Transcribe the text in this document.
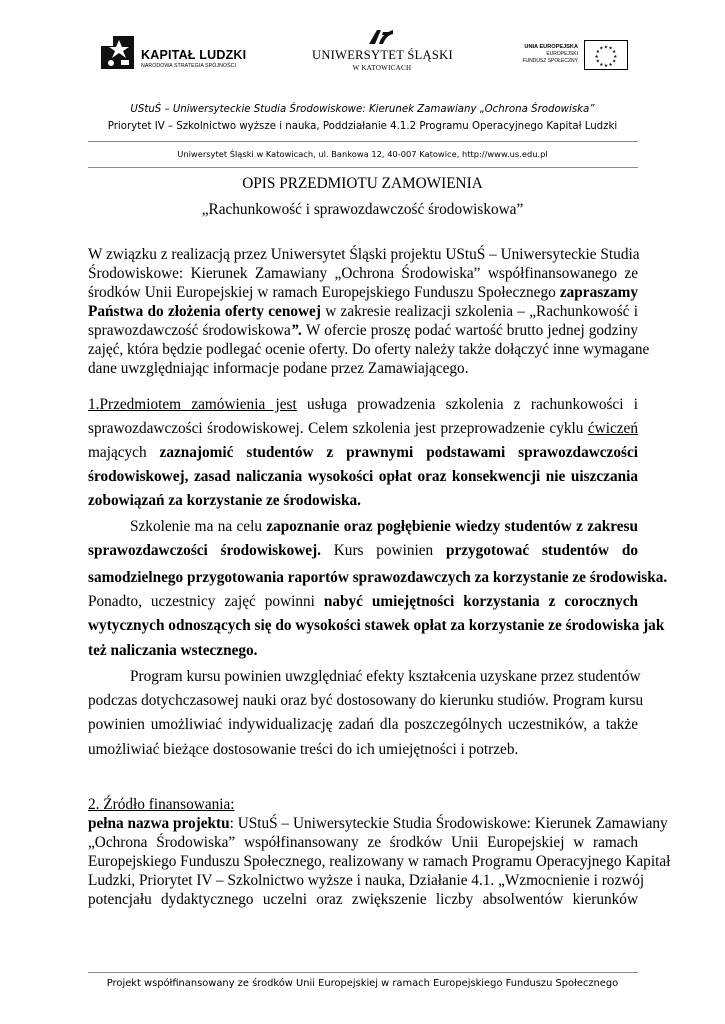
KAPITAŁ LUDZKI
NARODOWA STRATEGIA SPÓJNOŚCI
UNIWERSYTET ŚLĄSKI
W KATOWICACH
UNIA EUROPEJSKA
EUROPEJSKI
FUNDUSZ SPOŁECZNY
★ ★
★
★
★
★
★
★
★
★
★
★
UStuŚ – Uniwersyteckie Studia Środowiskowe: Kierunek Zamawiany „Ochrona Środowiska”
Priorytet IV – Szkolnictwo wyższe i nauka, Poddziałanie 4.1.2 Programu Operacyjnego Kapitał Ludzki
Uniwersytet Śląski w Katowicach, ul. Bankowa 12, 40-007 Katowice, http://www.us.edu.pl
OPIS PRZEDMIOTU ZAMOWIENIA
„Rachunkowość i sprawozdawczość środowiskowa”
W związku z realizacją przez Uniwersytet Śląski projektu UStuŚ – Uniwersyteckie Studia
Środowiskowe: Kierunek Zamawiany „Ochrona Środowiska” współfinansowanego ze
środków Unii Europejskiej w ramach Europejskiego Funduszu Społecznego zapraszamy
Państwa do złożenia oferty cenowej w zakresie realizacji szkolenia – „Rachunkowość i
sprawozdawczość środowiskowa”. W ofercie proszę podać wartość brutto jednej godziny
zajęć, która będzie podlegać ocenie oferty. Do oferty należy także dołączyć inne wymagane
dane uwzględniając informacje podane przez Zamawiającego.
1.Przedmiotem zamówienia jest usługa prowadzenia szkolenia z rachunkowości i
sprawozdawczości środowiskowej. Celem szkolenia jest przeprowadzenie cyklu ćwiczeń
mających zaznajomić studentów z prawnymi podstawami sprawozdawczości
środowiskowej, zasad naliczania wysokości opłat oraz konsekwencji nie uiszczania
zobowiązań za korzystanie ze środowiska.
Szkolenie ma na celu zapoznanie oraz pogłębienie wiedzy studentów z zakresu
sprawozdawczości środowiskowej. Kurs powinien przygotować studentów do
samodzielnego przygotowania raportów sprawozdawczych za korzystanie ze środowiska.
Ponadto, uczestnicy zajęć powinni nabyć umiejętności korzystania z corocznych
wytycznych odnoszących się do wysokości stawek opłat za korzystanie ze środowiska jak
też naliczania wstecznego.
Program kursu powinien uwzględniać efekty kształcenia uzyskane przez studentów
podczas dotychczasowej nauki oraz być dostosowany do kierunku studiów. Program kursu
powinien umożliwiać indywidualizację zadań dla poszczególnych uczestników, a także
umożliwiać bieżące dostosowanie treści do ich umiejętności i potrzeb.
2. Źródło finansowania:
pełna nazwa projektu: UStuŚ – Uniwersyteckie Studia Środowiskowe: Kierunek Zamawiany
„Ochrona Środowiska” współfinansowany ze środków Unii Europejskiej w ramach
Europejskiego Funduszu Społecznego, realizowany w ramach Programu Operacyjnego Kapitał
Ludzki, Priorytet IV – Szkolnictwo wyższe i nauka, Działanie 4.1. „Wzmocnienie i rozwój
potencjału dydaktycznego uczelni oraz zwiększenie liczby absolwentów kierunków
Projekt współfinansowany ze środków Unii Europejskiej w ramach Europejskiego Funduszu Społecznego
